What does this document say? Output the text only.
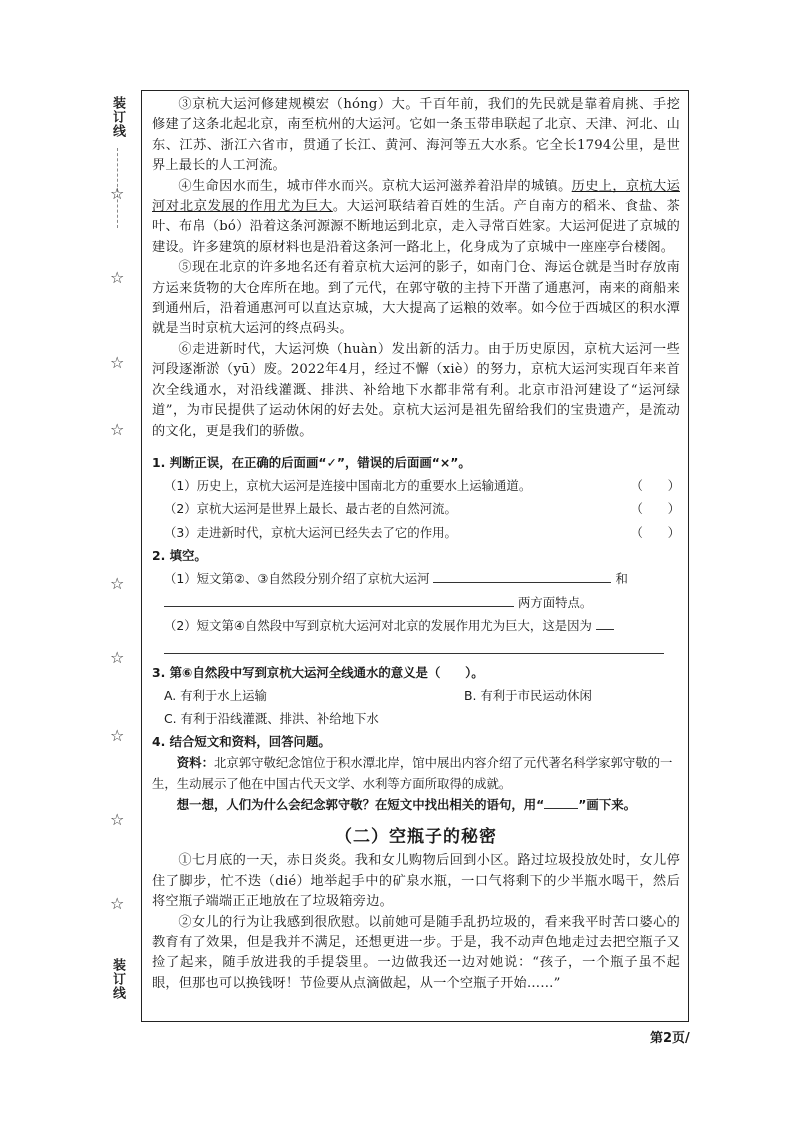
装订线
☆
☆
☆
☆
☆
☆
☆
☆
☆
装订线

③京杭大运河修建规模宏（hóng）大。千百年前，我们的先民就是靠着肩挑、手挖修建了这条北起北京，南至杭州的大运河。它如一条玉带串联起了北京、天津、河北、山东、江苏、浙江六省市，贯通了长江、黄河、海河等五大水系。它全长1794公里，是世界上最长的人工河流。

④生命因水而生，城市伴水而兴。京杭大运河滋养着沿岸的城镇。历史上，京杭大运河对北京发展的作用尤为巨大。大运河联结着百姓的生活。产自南方的稻米、食盐、茶叶、布帛（bó）沿着这条河源源不断地运到北京，走入寻常百姓家。大运河促进了京城的建设。许多建筑的原材料也是沿着这条河一路北上，化身成为了京城中一座座亭台楼阁。

⑤现在北京的许多地名还有着京杭大运河的影子，如南门仓、海运仓就是当时存放南方运来货物的大仓库所在地。到了元代，在郭守敬的主持下开凿了通惠河，南来的商船来到通州后，沿着通惠河可以直达京城，大大提高了运粮的效率。如今位于西城区的积水潭就是当时京杭大运河的终点码头。

⑥走进新时代，大运河焕（huàn）发出新的活力。由于历史原因，京杭大运河一些河段逐渐淤（yū）废。2022年4月，经过不懈（xiè）的努力，京杭大运河实现百年来首次全线通水，对沿线灌溉、排洪、补给地下水都非常有利。北京市沿河建设了“运河绿道”，为市民提供了运动休闲的好去处。京杭大运河是祖先留给我们的宝贵遗产，是流动的文化，更是我们的骄傲。

1. 判断正误，在正确的后面画“✓”，错误的后面画“×”。
（1）历史上，京杭大运河是连接中国南北方的重要水上运输通道。	（　　）
（2）京杭大运河是世界上最长、最古老的自然河流。	（　　）
（3）走进新时代，京杭大运河已经失去了它的作用。	（　　）
2. 填空。
（1）短文第②、③自然段分别介绍了京杭大运河	和
两方面特点。
（2）短文第④自然段中写到京杭大运河对北京的发展作用尤为巨大，这是因为
3. 第⑥自然段中写到京杭大运河全线通水的意义是（　　）。
A. 有利于水上运输	B. 有利于市民运动休闲
C. 有利于沿线灌溉、排洪、补给地下水
4. 结合短文和资料，回答问题。
资料：北京郭守敬纪念馆位于积水潭北岸，馆中展出内容介绍了元代著名科学家郭守敬的一生，生动展示了他在中国古代天文学、水利等方面所取得的成就。
想一想，人们为什么会纪念郭守敬？在短文中找出相关的语句，用“	”画下来。
（二）空瓶子的秘密

①七月底的一天，赤日炎炎。我和女儿购物后回到小区。路过垃圾投放处时，女儿停住了脚步，忙不迭（dié）地举起手中的矿泉水瓶，一口气将剩下的少半瓶水喝干，然后将空瓶子端端正正地放在了垃圾箱旁边。

②女儿的行为让我感到很欣慰。以前她可是随手乱扔垃圾的，看来我平时苦口婆心的教育有了效果，但是我并不满足，还想更进一步。于是，我不动声色地走过去把空瓶子又捡了起来，随手放进我的手提袋里。一边做我还一边对她说：“孩子，一个瓶子虽不起眼，但那也可以换钱呀！节俭要从点滴做起，从一个空瓶子开始……”

第2页/
